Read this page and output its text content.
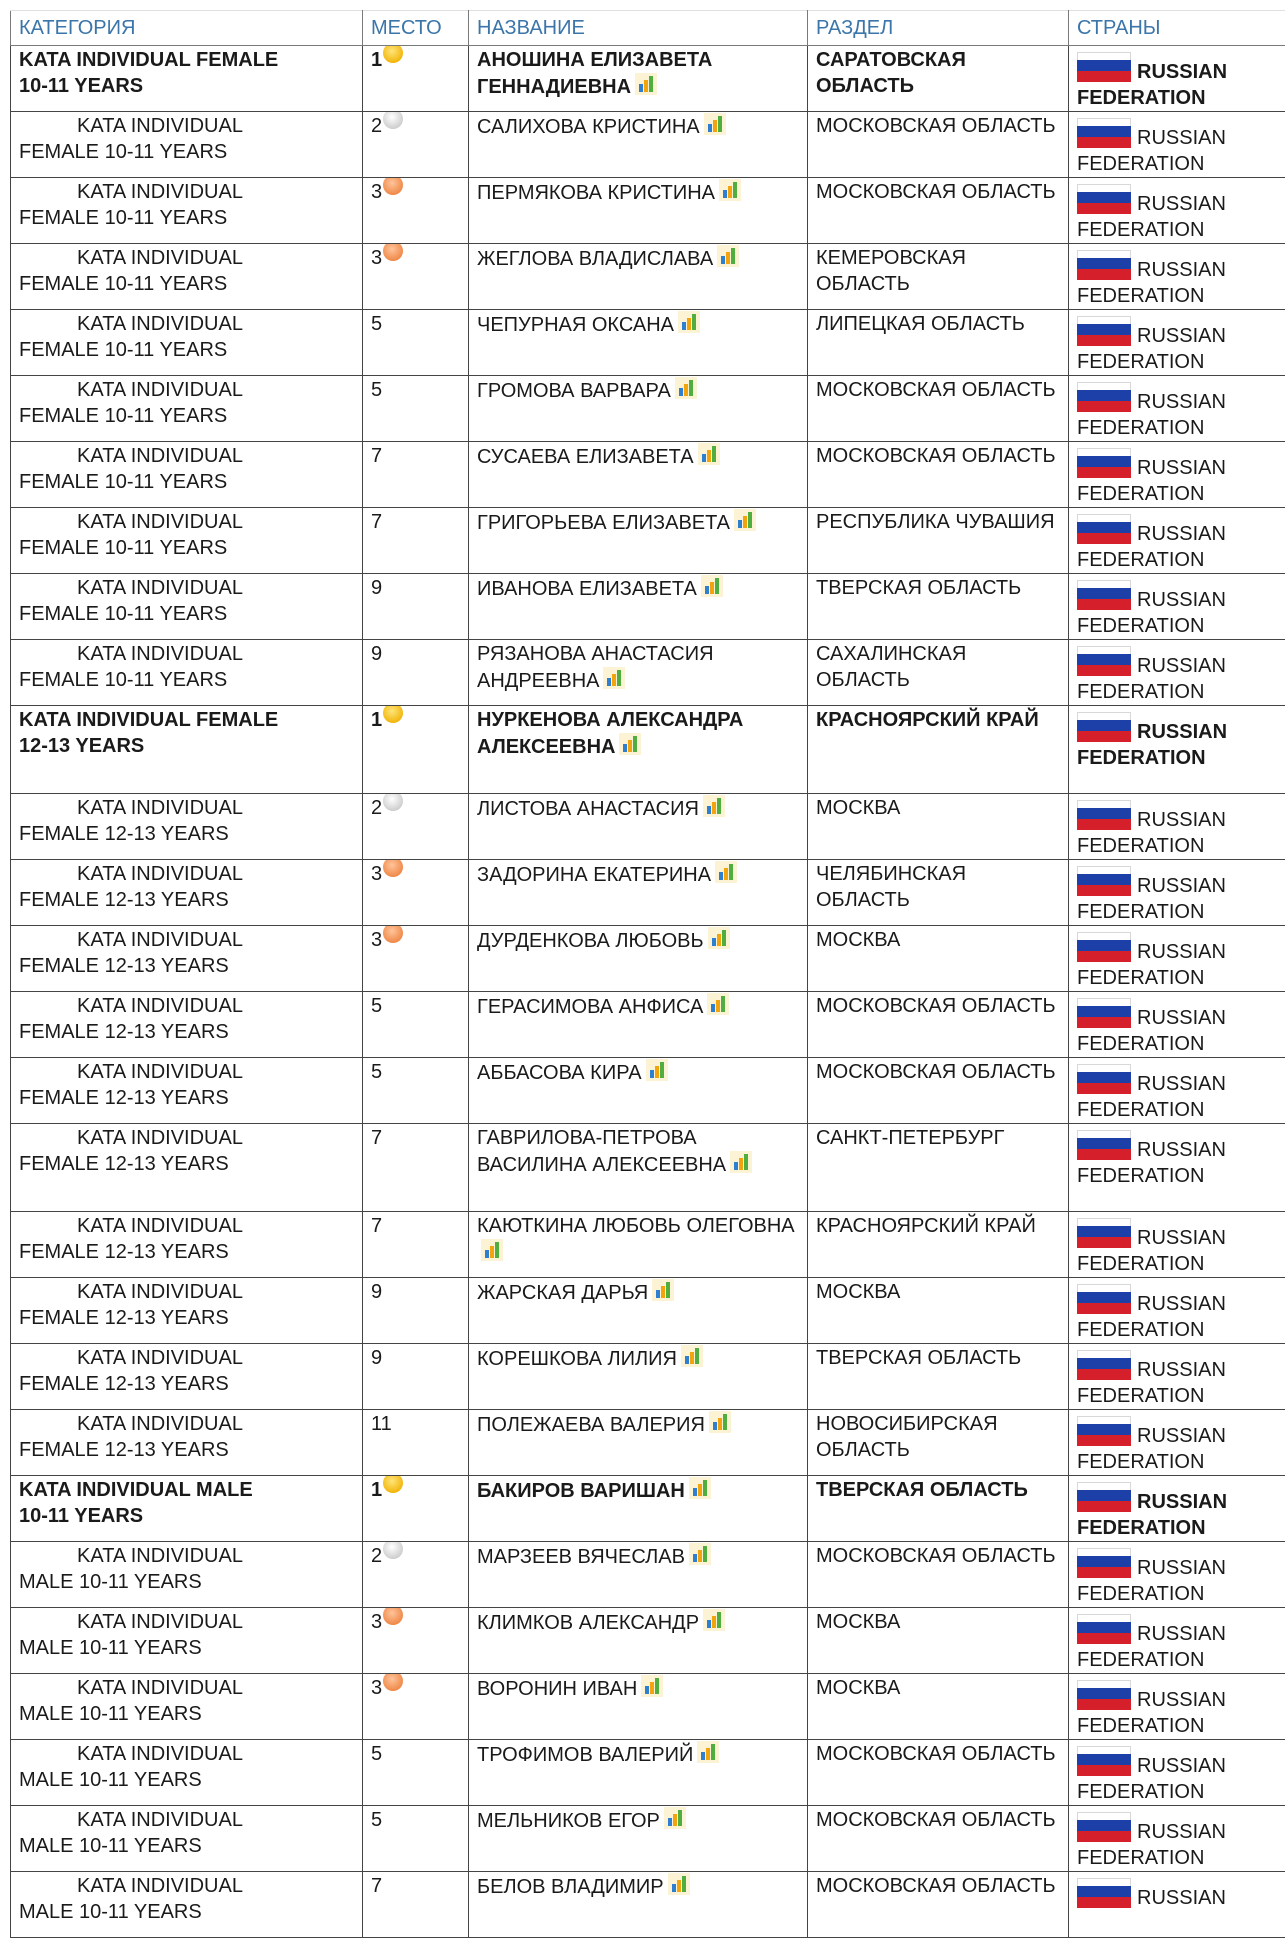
КАТЕГОРИЯ	МЕСТО	НАЗВАНИЕ	РАЗДЕЛ	СТРАНЫ

KATA INDIVIDUAL FEMALE
10-11 YEARS	1	АНОШИНА ЕЛИЗАВЕТА ГЕННАДИЕВНА	САРАТОВСКАЯ ОБЛАСТЬ	RUSSIAN FEDERATION

KATA INDIVIDUAL
FEMALE 10-11 YEARS	2	САЛИХОВА КРИСТИНА	МОСКОВСКАЯ ОБЛАСТЬ	RUSSIAN FEDERATION

KATA INDIVIDUAL
FEMALE 10-11 YEARS	3	ПЕРМЯКОВА КРИСТИНА	МОСКОВСКАЯ ОБЛАСТЬ	RUSSIAN FEDERATION

KATA INDIVIDUAL
FEMALE 10-11 YEARS	3	ЖЕГЛОВА ВЛАДИСЛАВА	КЕМЕРОВСКАЯ ОБЛАСТЬ	RUSSIAN FEDERATION

KATA INDIVIDUAL
FEMALE 10-11 YEARS	5	ЧЕПУРНАЯ ОКСАНА	ЛИПЕЦКАЯ ОБЛАСТЬ	RUSSIAN FEDERATION

KATA INDIVIDUAL
FEMALE 10-11 YEARS	5	ГРОМОВА ВАРВАРА	МОСКОВСКАЯ ОБЛАСТЬ	RUSSIAN FEDERATION

KATA INDIVIDUAL
FEMALE 10-11 YEARS	7	СУСАЕВА ЕЛИЗАВЕТА	МОСКОВСКАЯ ОБЛАСТЬ	RUSSIAN FEDERATION

KATA INDIVIDUAL
FEMALE 10-11 YEARS	7	ГРИГОРЬЕВА ЕЛИЗАВЕТА	РЕСПУБЛИКА ЧУВАШИЯ	RUSSIAN FEDERATION

KATA INDIVIDUAL
FEMALE 10-11 YEARS	9	ИВАНОВА ЕЛИЗАВЕТА	ТВЕРСКАЯ ОБЛАСТЬ	RUSSIAN FEDERATION

KATA INDIVIDUAL
FEMALE 10-11 YEARS	9	РЯЗАНОВА АНАСТАСИЯ АНДРЕЕВНА	САХАЛИНСКАЯ ОБЛАСТЬ	RUSSIAN FEDERATION

KATA INDIVIDUAL FEMALE
12-13 YEARS	1	НУРКЕНОВА АЛЕКСАНДРА АЛЕКСЕЕВНА	КРАСНОЯРСКИЙ КРАЙ	RUSSIAN FEDERATION

KATA INDIVIDUAL
FEMALE 12-13 YEARS	2	ЛИСТОВА АНАСТАСИЯ	МОСКВА	RUSSIAN FEDERATION

KATA INDIVIDUAL
FEMALE 12-13 YEARS	3	ЗАДОРИНА ЕКАТЕРИНА	ЧЕЛЯБИНСКАЯ ОБЛАСТЬ	RUSSIAN FEDERATION

KATA INDIVIDUAL
FEMALE 12-13 YEARS	3	ДУРДЕНКОВА ЛЮБОВЬ	МОСКВА	RUSSIAN FEDERATION

KATA INDIVIDUAL
FEMALE 12-13 YEARS	5	ГЕРАСИМОВА АНФИСА	МОСКОВСКАЯ ОБЛАСТЬ	RUSSIAN FEDERATION

KATA INDIVIDUAL
FEMALE 12-13 YEARS	5	АББАСОВА КИРА	МОСКОВСКАЯ ОБЛАСТЬ	RUSSIAN FEDERATION

KATA INDIVIDUAL
FEMALE 12-13 YEARS	7	ГАВРИЛОВА-ПЕТРОВА ВАСИЛИНА АЛЕКСЕЕВНА	САНКТ-ПЕТЕРБУРГ	RUSSIAN FEDERATION

KATA INDIVIDUAL
FEMALE 12-13 YEARS	7	КАЮТКИНА ЛЮБОВЬ ОЛЕГОВНА	КРАСНОЯРСКИЙ КРАЙ	RUSSIAN FEDERATION

KATA INDIVIDUAL
FEMALE 12-13 YEARS	9	ЖАРСКАЯ ДАРЬЯ	МОСКВА	RUSSIAN FEDERATION

KATA INDIVIDUAL
FEMALE 12-13 YEARS	9	КОРЕШКОВА ЛИЛИЯ	ТВЕРСКАЯ ОБЛАСТЬ	RUSSIAN FEDERATION

KATA INDIVIDUAL
FEMALE 12-13 YEARS	11	ПОЛЕЖАЕВА ВАЛЕРИЯ	НОВОСИБИРСКАЯ ОБЛАСТЬ	RUSSIAN FEDERATION

KATA INDIVIDUAL MALE
10-11 YEARS	1	БАКИРОВ ВАРИШАН	ТВЕРСКАЯ ОБЛАСТЬ	RUSSIAN FEDERATION

KATA INDIVIDUAL
MALE 10-11 YEARS	2	МАРЗЕЕВ ВЯЧЕСЛАВ	МОСКОВСКАЯ ОБЛАСТЬ	RUSSIAN FEDERATION

KATA INDIVIDUAL
MALE 10-11 YEARS	3	КЛИМКОВ АЛЕКСАНДР	МОСКВА	RUSSIAN FEDERATION

KATA INDIVIDUAL
MALE 10-11 YEARS	3	ВОРОНИН ИВАН	МОСКВА	RUSSIAN FEDERATION

KATA INDIVIDUAL
MALE 10-11 YEARS	5	ТРОФИМОВ ВАЛЕРИЙ	МОСКОВСКАЯ ОБЛАСТЬ	RUSSIAN FEDERATION

KATA INDIVIDUAL
MALE 10-11 YEARS	5	МЕЛЬНИКОВ ЕГОР	МОСКОВСКАЯ ОБЛАСТЬ	RUSSIAN FEDERATION

KATA INDIVIDUAL
MALE 10-11 YEARS	7	БЕЛОВ ВЛАДИМИР	МОСКОВСКАЯ ОБЛАСТЬ	RUSSIAN
